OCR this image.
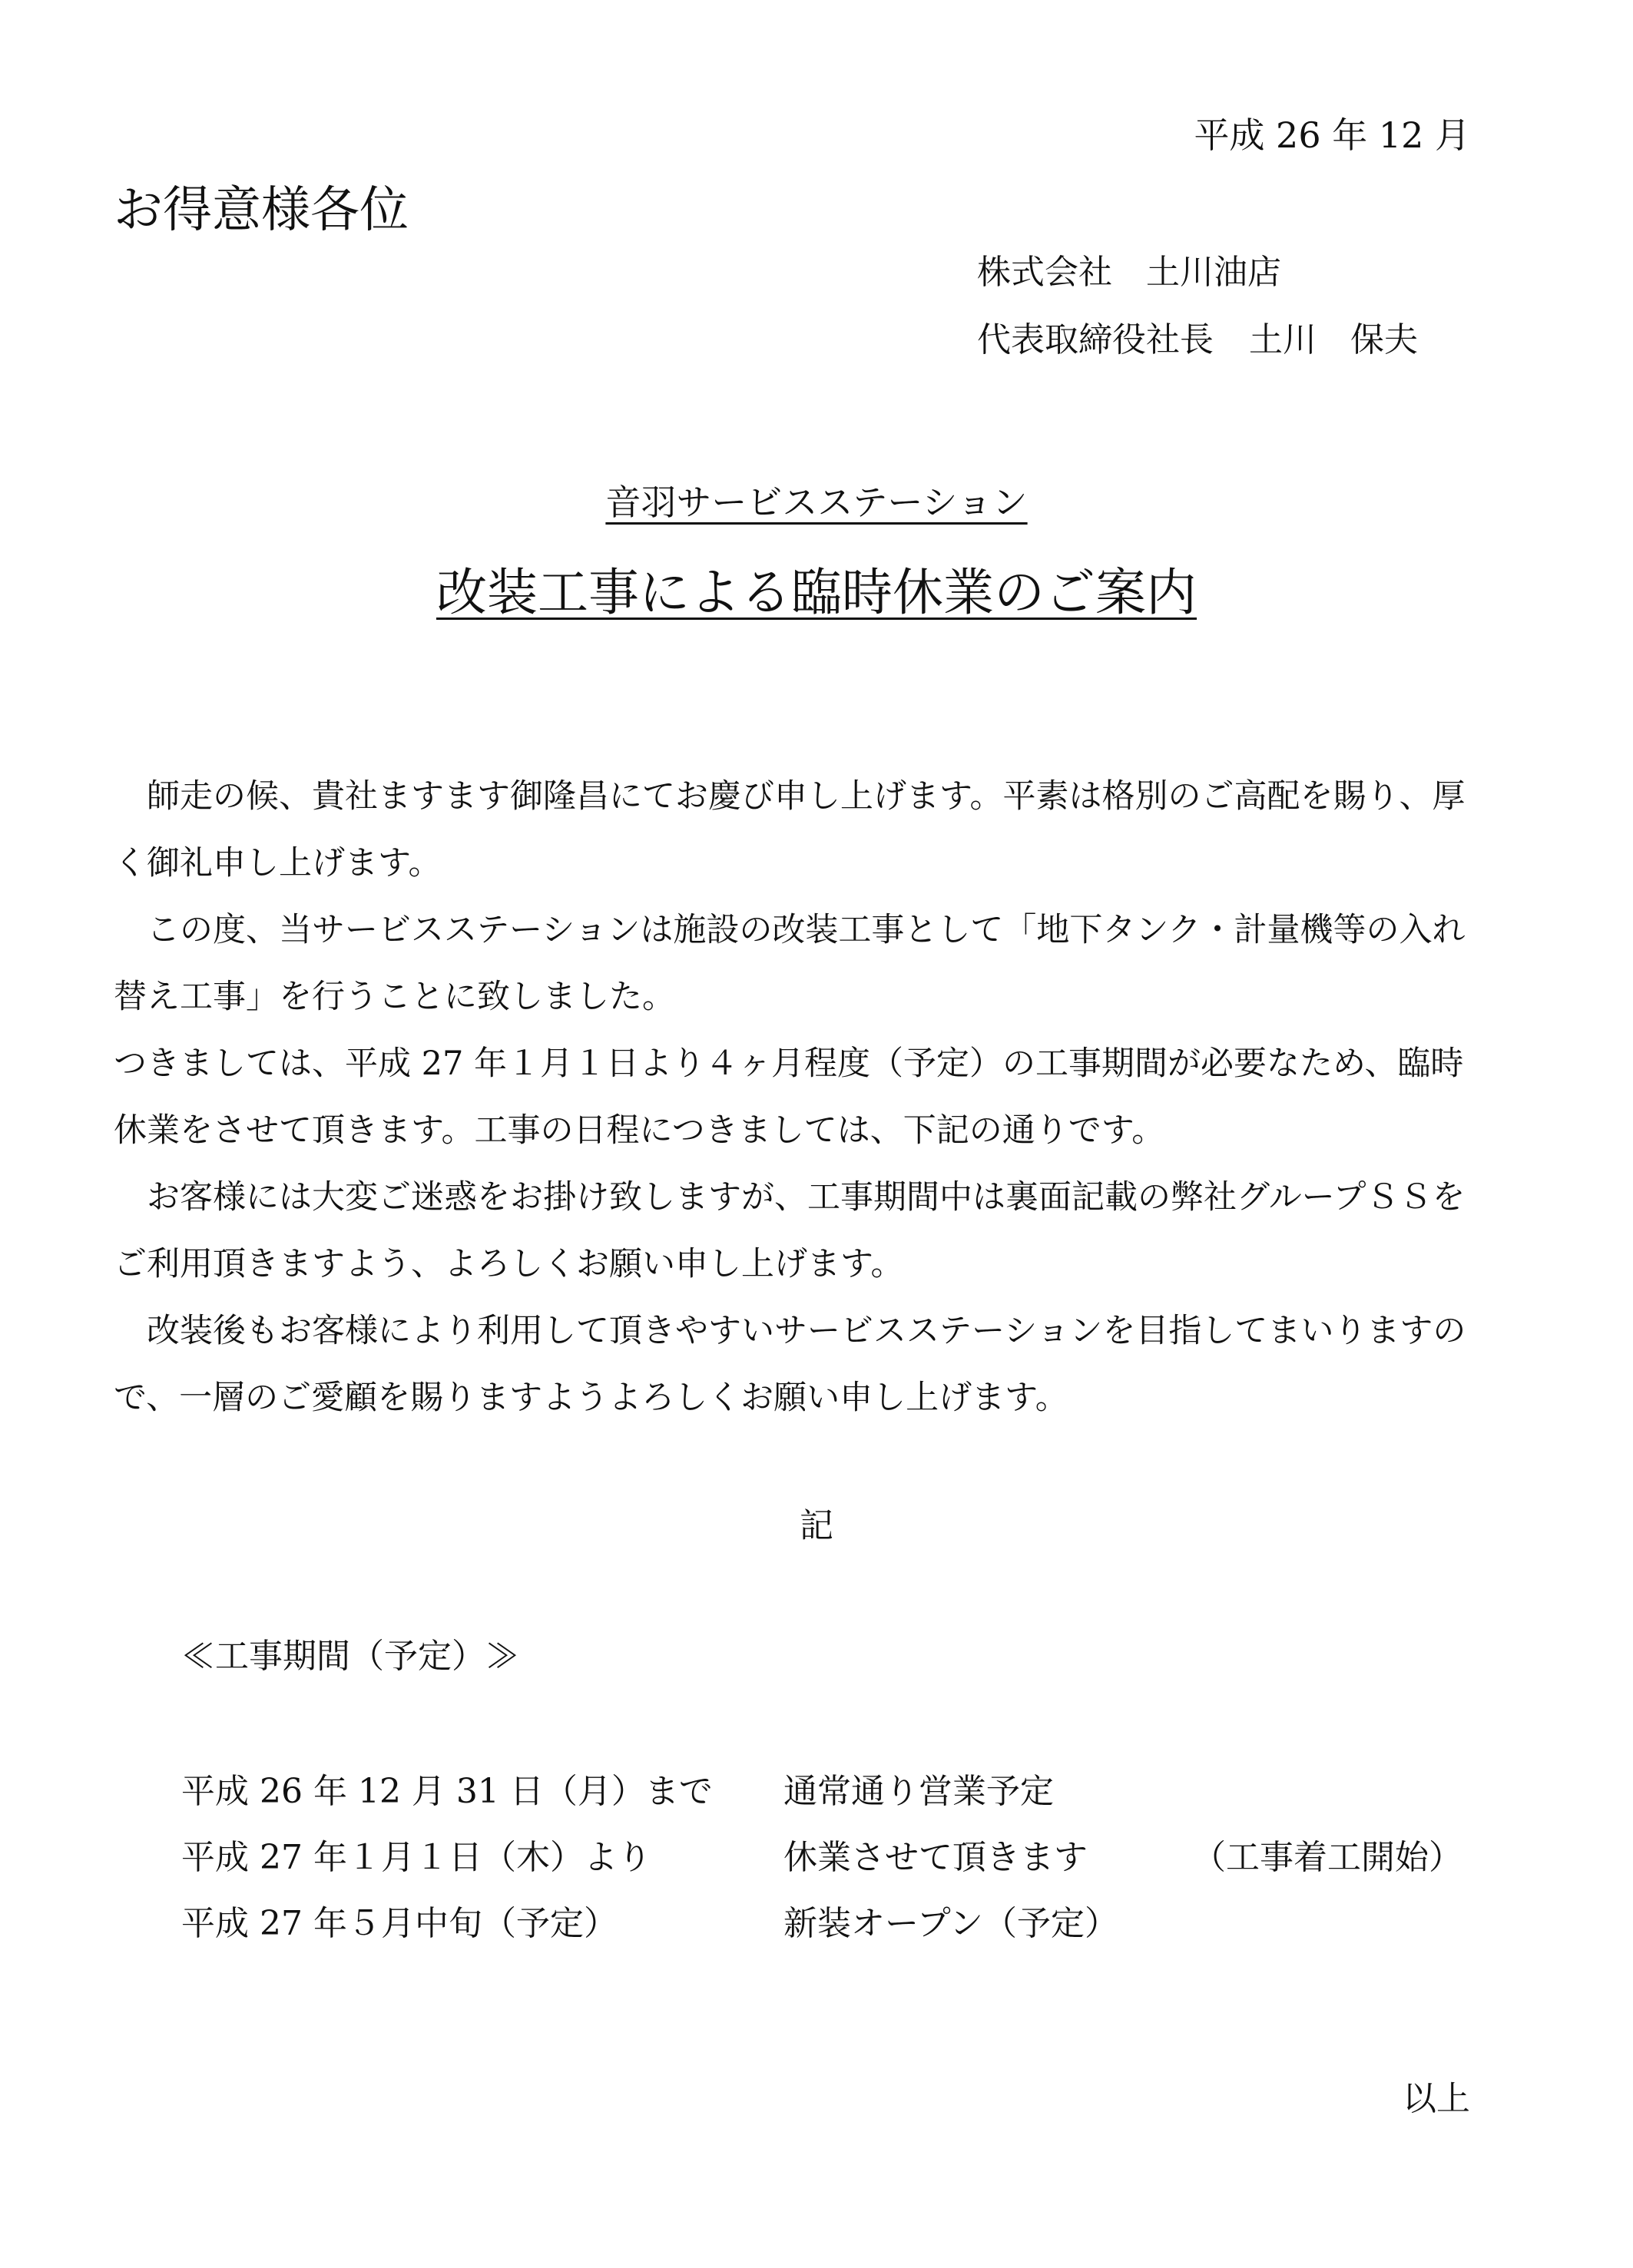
平成 26 年 12 月
お得意様各位
株式会社　土川油店
代表取締役社長 土川　保夫
音羽サービスステーション
改装工事による臨時休業のご案内

　師走の候、貴社ますます御隆昌にてお慶び申し上げます。平素は格別のご高配を賜り、厚く御礼申し上げます。

　この度、当サービスステーションは施設の改装工事として「地下タンク・計量機等の入れ替え工事」を行うことに致しました。

つきましては、平成 27 年１月１日より４ヶ月程度（予定）の工事期間が必要なため、臨時休業をさせて頂きます。工事の日程につきましては、下記の通りです。

　お客様には大変ご迷惑をお掛け致しますが、工事期間中は裏面記載の弊社グループＳＳをご利用頂きますよう、よろしくお願い申し上げます。

　改装後もお客様により利用して頂きやすいサービスステーションを目指してまいりますので、一層のご愛顧を賜りますようよろしくお願い申し上げます。

記
≪工事期間（予定）≫
平成 26 年 12 月 31 日（月）まで 通常通り営業予定
平成 27 年１月１日（木）より	休業させて頂きます	（工事着工開始）
平成 27 年５月中旬（予定）	新装オープン（予定）
以上
